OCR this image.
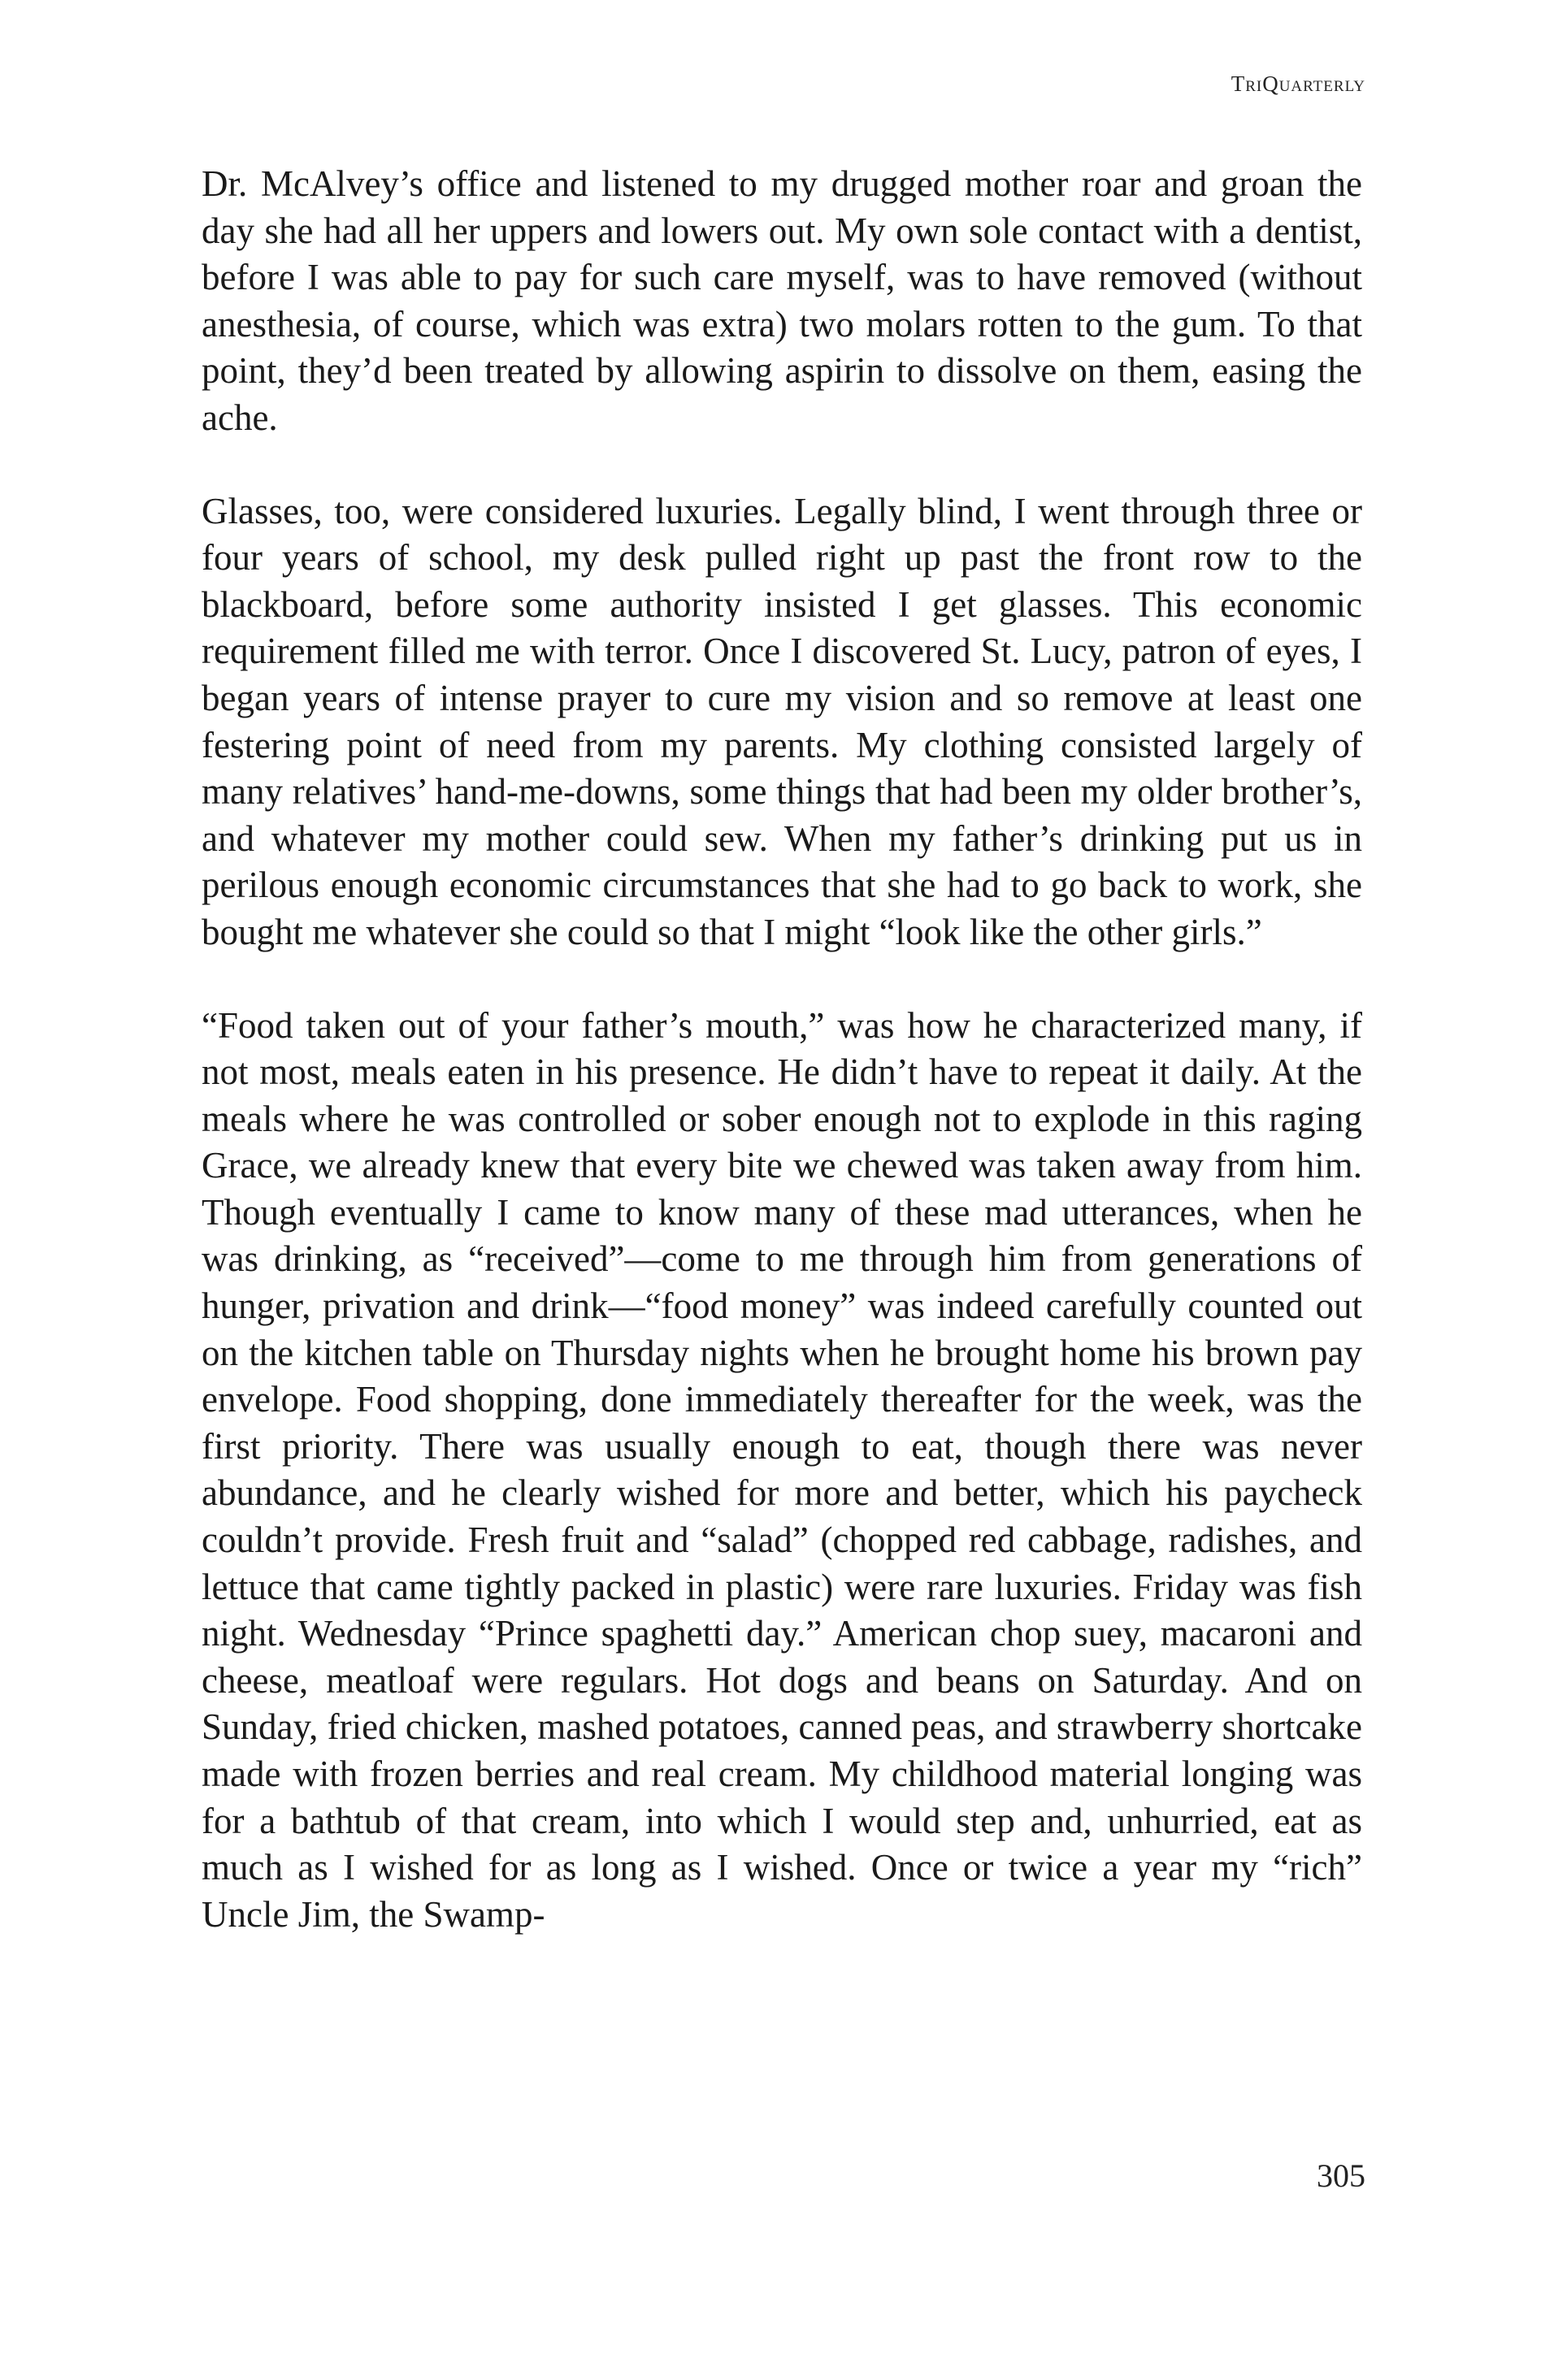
TriQuarterly

Dr. McAlvey’s office and listened to my drugged mother roar and groan the day she had all her uppers and lowers out. My own sole contact with a dentist, before I was able to pay for such care myself, was to have removed (without anesthesia, of course, which was extra) two molars rotten to the gum. To that point, they’d been treated by allowing aspirin to dissolve on them, easing the ache.

Glasses, too, were considered luxuries. Legally blind, I went through three or four years of school, my desk pulled right up past the front row to the blackboard, before some authority insisted I get glasses. This economic requirement filled me with terror. Once I discovered St. Lucy, patron of eyes, I began years of intense prayer to cure my vision and so remove at least one festering point of need from my parents. My clothing consisted largely of many relatives’ hand-me-downs, some things that had been my older brother’s, and whatever my mother could sew. When my father’s drinking put us in perilous enough economic circumstances that she had to go back to work, she bought me whatever she could so that I might “look like the other girls.”

“Food taken out of your father’s mouth,” was how he characterized many, if not most, meals eaten in his presence. He didn’t have to repeat it daily. At the meals where he was controlled or sober enough not to explode in this raging Grace, we already knew that every bite we chewed was taken away from him. Though eventually I came to know many of these mad utterances, when he was drinking, as “received”—come to me through him from generations of hunger, privation and drink—“food money” was indeed carefully counted out on the kitchen table on Thursday nights when he brought home his brown pay envelope. Food shopping, done immediately thereafter for the week, was the first priority. There was usually enough to eat, though there was never abundance, and he clearly wished for more and better, which his paycheck couldn’t provide. Fresh fruit and “salad” (chopped red cabbage, radishes, and lettuce that came tightly packed in plastic) were rare luxuries. Friday was fish night. Wednesday “Prince spaghetti day.” American chop suey, macaroni and cheese, meatloaf were regulars. Hot dogs and beans on Saturday. And on Sunday, fried chicken, mashed potatoes, canned peas, and strawberry shortcake made with frozen berries and real cream. My childhood material longing was for a bathtub of that cream, into which I would step and, unhurried, eat as much as I wished for as long as I wished. Once or twice a year my “rich” Uncle Jim, the Swamp-

305
